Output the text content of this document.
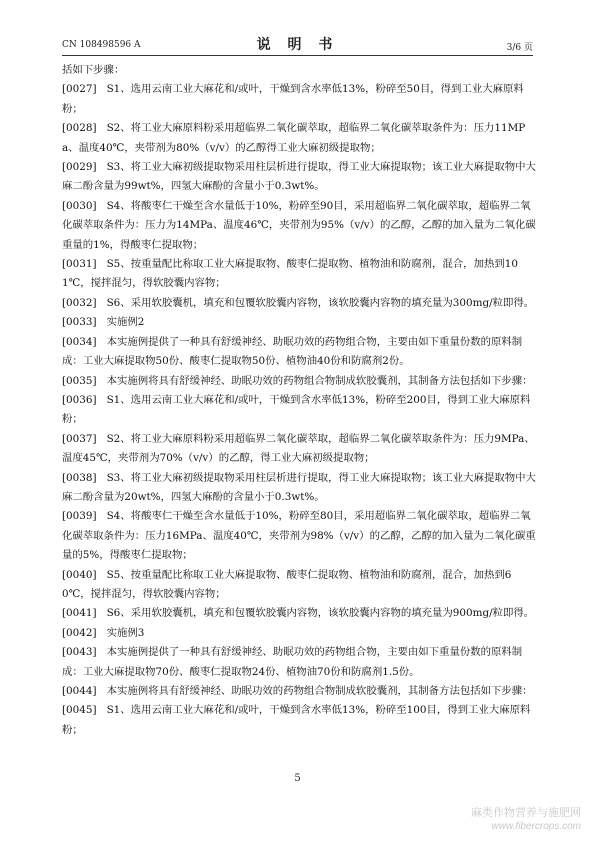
CN 108498596 A	说 明 书	3/6 页

括如下步骤：

[0027] S1、选用云南工业大麻花和/或叶，干燥到含水率低13%，粉碎至50目，得到工业大麻原料粉；

[0028] S2、将工业大麻原料粉采用超临界二氧化碳萃取，超临界二氧化碳萃取条件为：压力11MPa、温度40℃，夹带剂为80%（v/v）的乙醇得工业大麻初级提取物；

[0029] S3、将工业大麻初级提取物采用柱层析进行提取，得工业大麻提取物；该工业大麻提取物中大麻二酚含量为99wt%，四氢大麻酚的含量小于0.3wt%。

[0030] S4、将酸枣仁干燥至含水量低于10%，粉碎至90目，采用超临界二氧化碳萃取，超临界二氧化碳萃取条件为：压力为14MPa、温度46℃，夹带剂为95%（v/v）的乙醇，乙醇的加入量为二氧化碳重量的1%，得酸枣仁提取物；

[0031] S5、按重量配比称取工业大麻提取物、酸枣仁提取物、植物油和防腐剂，混合，加热到101℃，搅拌混匀，得软胶囊内容物；

[0032] S6、采用软胶囊机，填充和包覆软胶囊内容物，该软胶囊内容物的填充量为300mg/粒即得。

[0033] 实施例2

[0034] 本实施例提供了一种具有舒缓神经、助眠功效的药物组合物，主要由如下重量份数的原料制成：工业大麻提取物50份、酸枣仁提取物50份、植物油40份和防腐剂2份。

[0035] 本实施例将具有舒缓神经、助眠功效的药物组合物制成软胶囊剂，其制备方法包括如下步骤：

[0036] S1、选用云南工业大麻花和/或叶，干燥到含水率低13%，粉碎至200目，得到工业大麻原料粉；

[0037] S2、将工业大麻原料粉采用超临界二氧化碳萃取，超临界二氧化碳萃取条件为：压力9MPa、温度45℃，夹带剂为70%（v/v）的乙醇，得工业大麻初级提取物；

[0038] S3、将工业大麻初级提取物采用柱层析进行提取，得工业大麻提取物；该工业大麻提取物中大麻二酚含量为20wt%，四氢大麻酚的含量小于0.3wt%。

[0039] S4、将酸枣仁干燥至含水量低于10%，粉碎至80目，采用超临界二氧化碳萃取，超临界二氧化碳萃取条件为：压力16MPa、温度40℃，夹带剂为98%（v/v）的乙醇，乙醇的加入量为二氧化碳重量的5%，得酸枣仁提取物；

[0040] S5、按重量配比称取工业大麻提取物、酸枣仁提取物、植物油和防腐剂，混合，加热到60℃，搅拌混匀，得软胶囊内容物；

[0041] S6、采用软胶囊机，填充和包覆软胶囊内容物，该软胶囊内容物的填充量为900mg/粒即得。

[0042] 实施例3

[0043] 本实施例提供了一种具有舒缓神经、助眠功效的药物组合物，主要由如下重量份数的原料制成：工业大麻提取物70份、酸枣仁提取物24份、植物油70份和防腐剂1.5份。

[0044] 本实施例将具有舒缓神经、助眠功效的药物组合物制成软胶囊剂，其制备方法包括如下步骤：

[0045] S1、选用云南工业大麻花和/或叶，干燥到含水率低13%，粉碎至100目，得到工业大麻原料粉；

5
麻类作物营养与施肥网
www.fibercrops.com
